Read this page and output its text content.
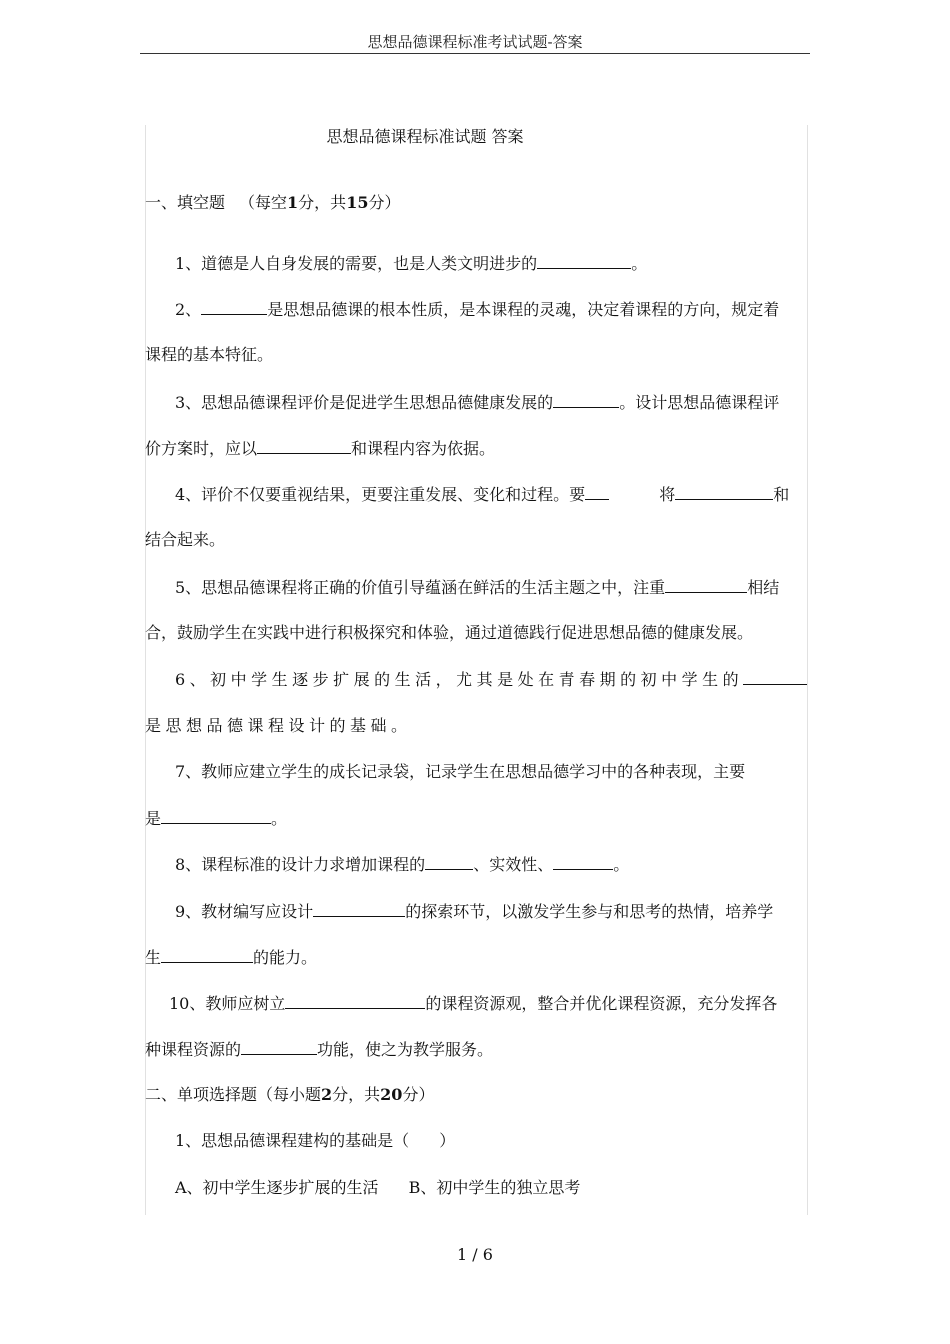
思想品德课程标准考试试题-答案
思想品德课程标准试题 答案
一、填空题 （每空1分，共15分）
1、道德是人自身发展的需要，也是人类文明进步的	。
2、	是思想品德课的根本性质，是本课程的灵魂，决定着课程的方向，规定着
课程的基本特征。
3、思想品德课程评价是促进学生思想品德健康发展的	。设计思想品德课程评
价方案时，应以	和课程内容为依据。
4、评价不仅要重视结果，更要注重发展、变化和过程。要	将	和
结合起来。
5、思想品德课程将正确的价值引导蕴涵在鲜活的生活主题之中，注重	相结
合，鼓励学生在实践中进行积极探究和体验，通过道德践行促进思想品德的健康发展。
6、初中学生逐步扩展的生活，尤其是处在青春期的初中学生的
是思想品德课程设计的基础。
7、教师应建立学生的成长记录袋，记录学生在思想品德学习中的各种表现，主要
是	。
8、课程标准的设计力求增加课程的	、实效性、	。
9、教材编写应设计	的探索环节，以激发学生参与和思考的热情，培养学
生	的能力。
10、教师应树立	的课程资源观，整合并优化课程资源，充分发挥各
种课程资源的	功能，使之为教学服务。
二、单项选择题（每小题2分，共20分）
1、思想品德课程建构的基础是（ ）
A、初中学生逐步扩展的生活 B、初中学生的独立思考
1 / 6
